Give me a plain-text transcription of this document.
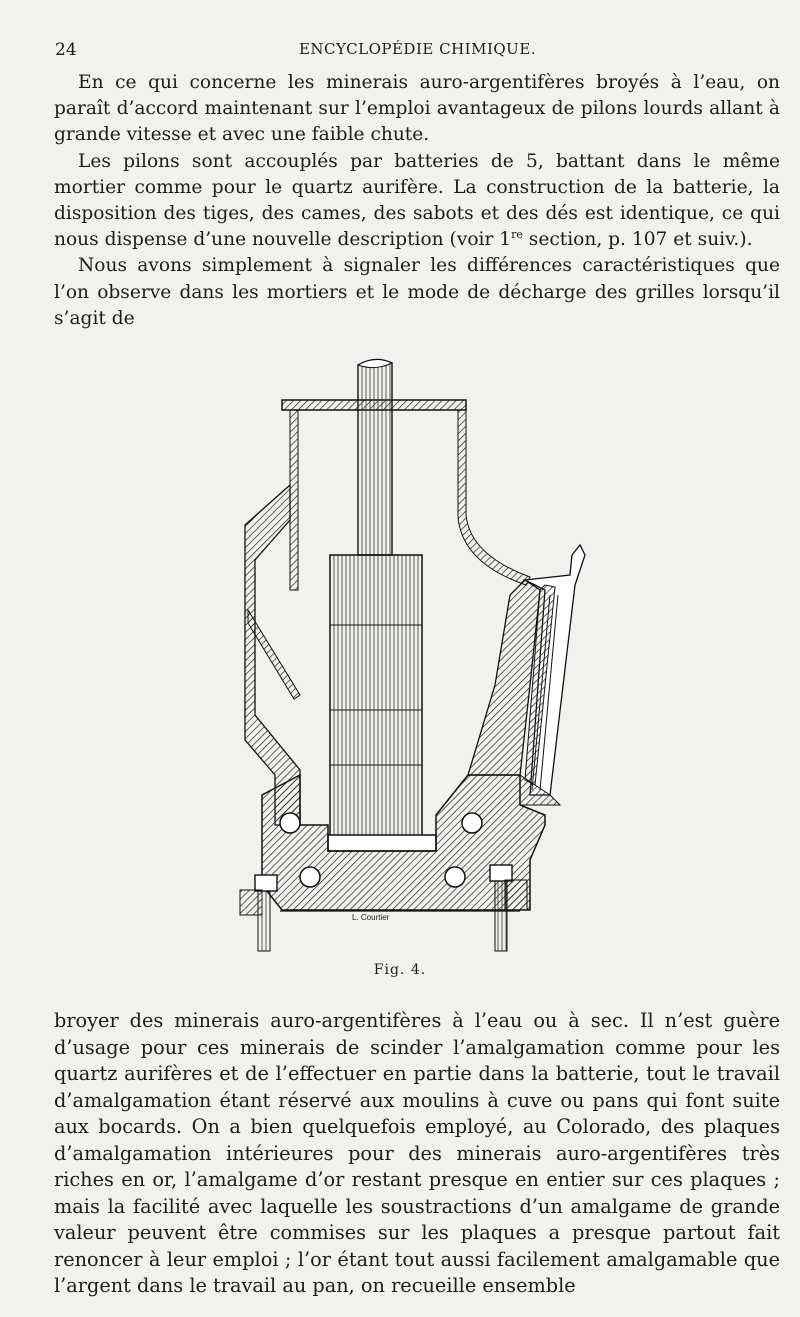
24	ENCYCLOPÉDIE CHIMIQUE.

En ce qui concerne les minerais auro-argentifères broyés à l’eau, on paraît d’accord maintenant sur l’emploi avantageux de pilons lourds allant à grande vitesse et avec une faible chute.

Les pilons sont accouplés par batteries de 5, battant dans le même mortier comme pour le quartz aurifère. La construction de la batterie, la disposition des tiges, des cames, des sabots et des dés est identique, ce qui nous dispense d’une nouvelle description (voir 1re section, p. 107 et suiv.).

Nous avons simplement à signaler les différences caractéristiques que l’on observe dans les mortiers et le mode de décharge des grilles lorsqu’il s’agit de

L. Courtier
Fig. 4.

broyer des minerais auro-argentifères à l’eau ou à sec. Il n’est guère d’usage pour ces minerais de scinder l’amalgamation comme pour les quartz aurifères et de l’effectuer en partie dans la batterie, tout le travail d’amalgamation étant réservé aux moulins à cuve ou pans qui font suite aux bocards. On a bien quelquefois employé, au Colorado, des plaques d’amalgamation intérieures pour des minerais auro-argentifères très riches en or, l’amalgame d’or restant presque en entier sur ces plaques ; mais la facilité avec laquelle les soustractions d’un amalgame de grande valeur peuvent être commises sur les plaques a presque partout fait renoncer à leur emploi ; l’or étant tout aussi facilement amalgamable que l’argent dans le travail au pan, on recueille ensemble
